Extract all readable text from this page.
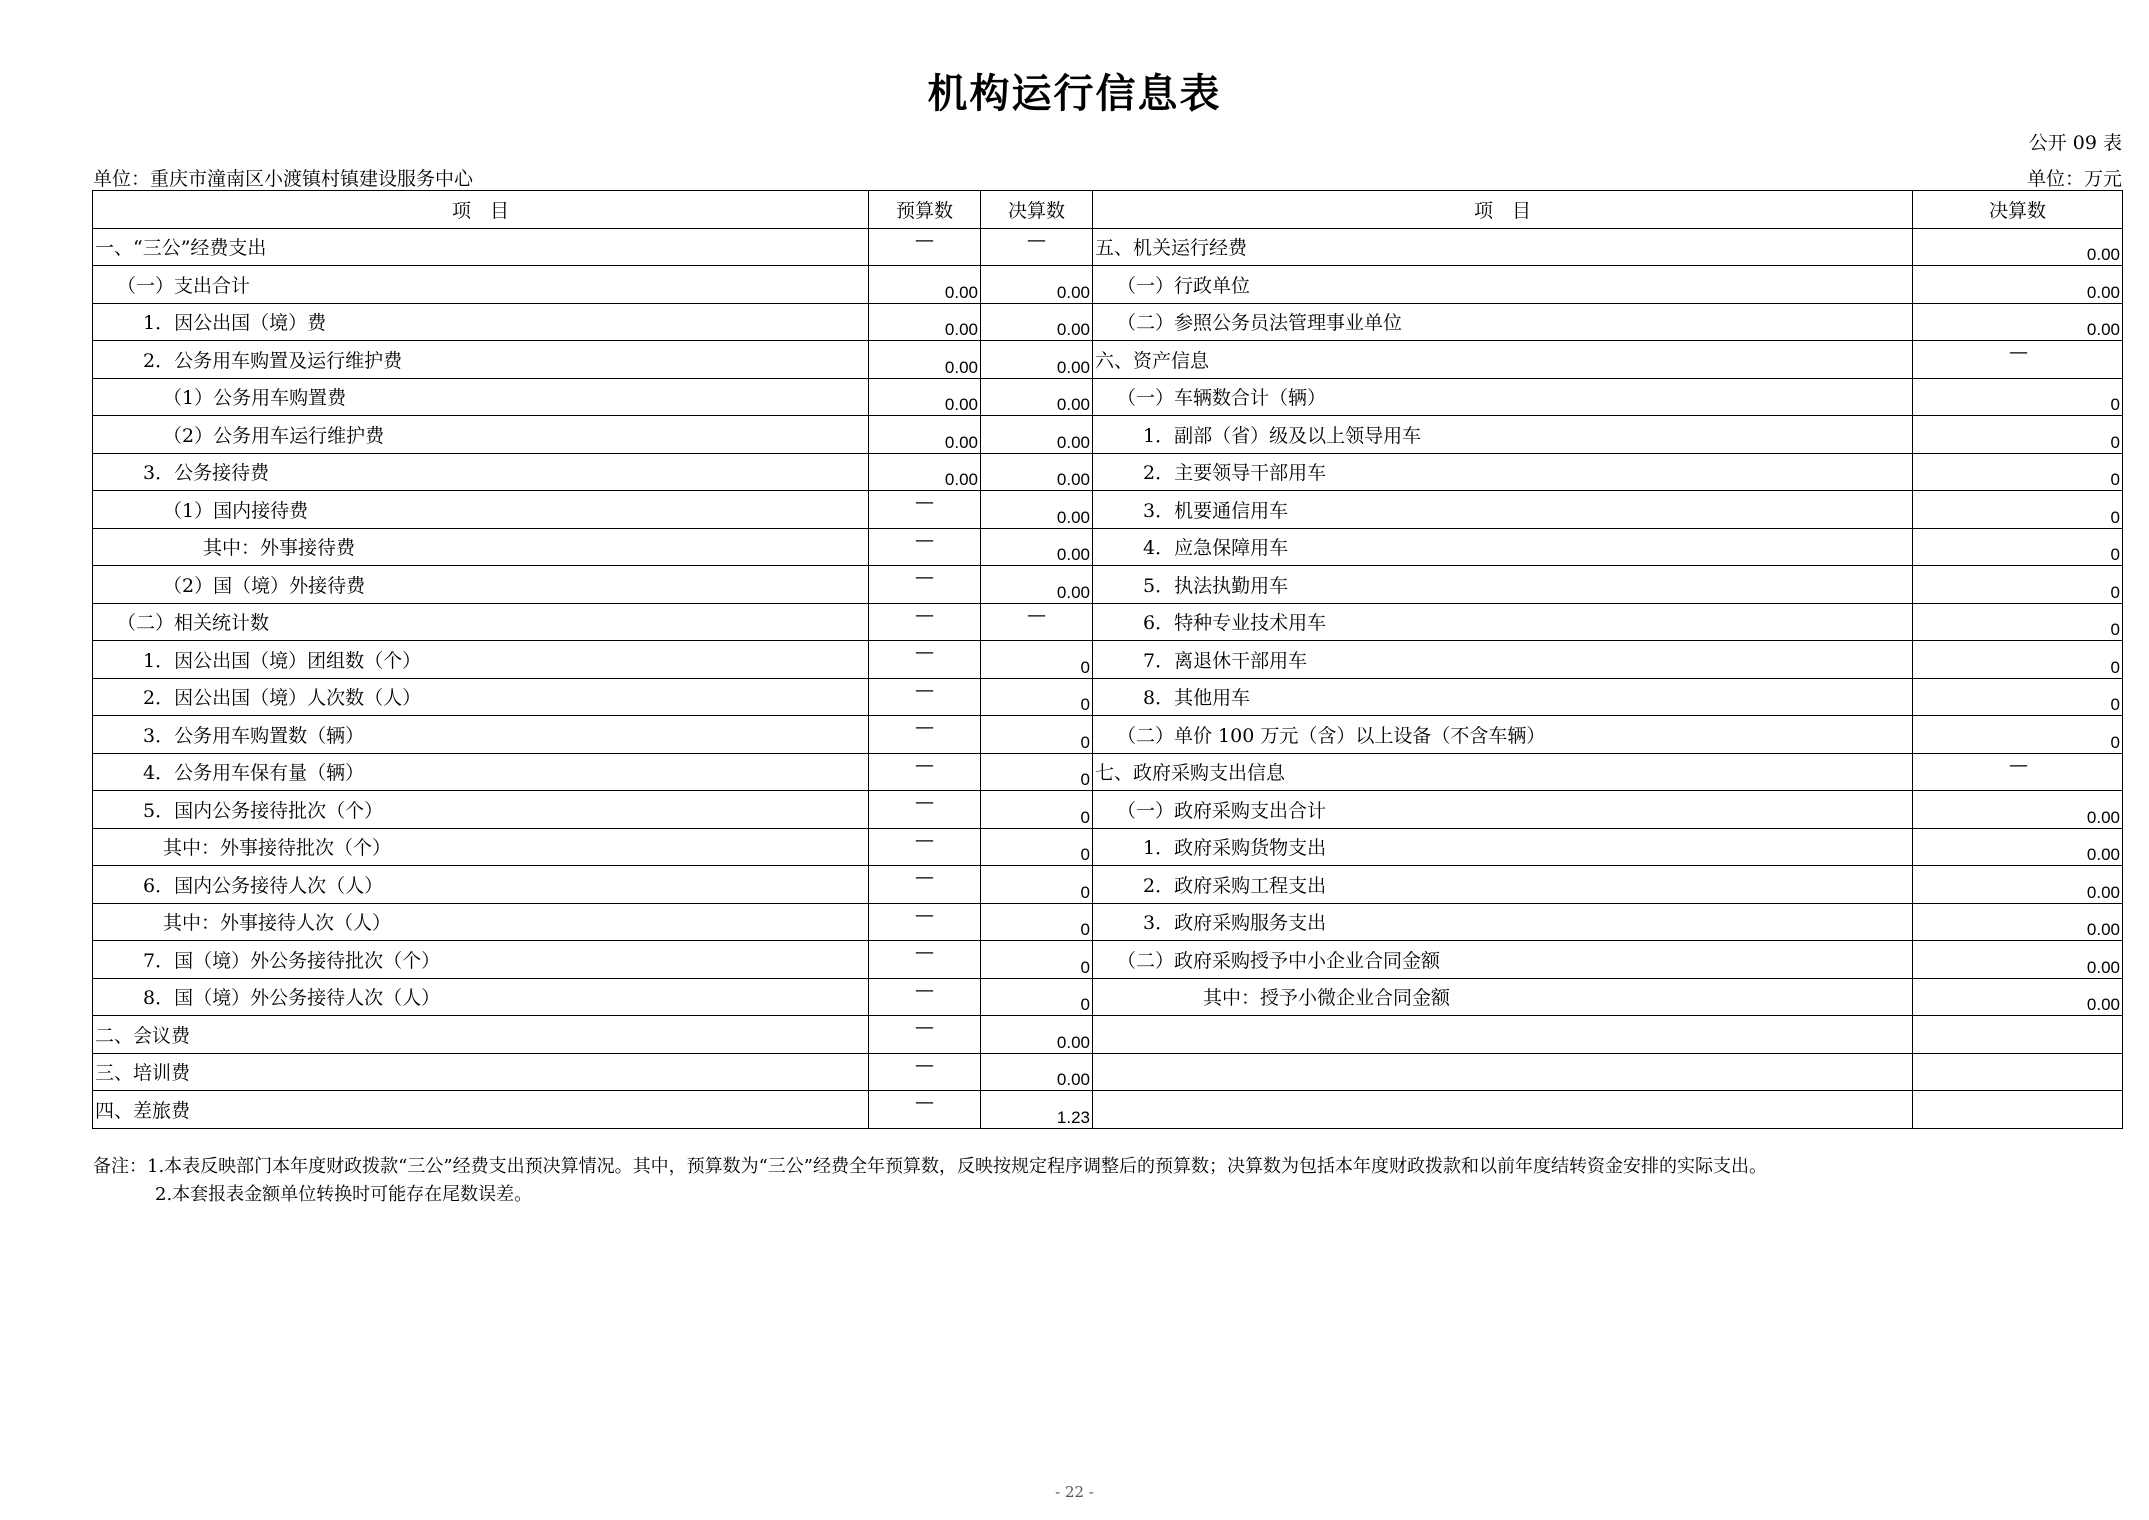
机构运行信息表
公开 09 表
单位：重庆市潼南区小渡镇村镇建设服务中心	单位：万元
项　目	预算数	决算数	项　目	决算数
一、“三公”经费支出	—	—	五、机关运行经费	0.00
（一）支出合计	0.00	0.00	（一）行政单位	0.00
1．因公出国（境）费	0.00	0.00	（二）参照公务员法管理事业单位	0.00
2．公务用车购置及运行维护费	0.00	0.00	六、资产信息	—
（1）公务用车购置费	0.00	0.00	（一）车辆数合计（辆）	0
（2）公务用车运行维护费	0.00	0.00	1．副部（省）级及以上领导用车	0
3．公务接待费	0.00	0.00	2．主要领导干部用车	0
（1）国内接待费	—	0.00	3．机要通信用车	0
其中：外事接待费	—	0.00	4．应急保障用车	0
（2）国（境）外接待费	—	0.00	5．执法执勤用车	0
（二）相关统计数	—	—	6．特种专业技术用车	0
1．因公出国（境）团组数（个）	—	0	7．离退休干部用车	0
2．因公出国（境）人次数（人）	—	0	8．其他用车	0
3．公务用车购置数（辆）	—	0	（二）单价 100 万元（含）以上设备（不含车辆）	0
4．公务用车保有量（辆）	—	0	七、政府采购支出信息	—
5．国内公务接待批次（个）	—	0	（一）政府采购支出合计	0.00
其中：外事接待批次（个）	—	0	1．政府采购货物支出	0.00
6．国内公务接待人次（人）	—	0	2．政府采购工程支出	0.00
其中：外事接待人次（人）	—	0	3．政府采购服务支出	0.00
7．国（境）外公务接待批次（个）	—	0	（二）政府采购授予中小企业合同金额	0.00
8．国（境）外公务接待人次（人）	—	0	其中：授予小微企业合同金额	0.00
二、会议费	—	0.00		
三、培训费	—	0.00		
四、差旅费	—	1.23		
备注：1.本表反映部门本年度财政拨款“三公”经费支出预决算情况。其中，预算数为“三公”经费全年预算数，反映按规定程序调整后的预算数；决算数为包括本年度财政拨款和以前年度结转资金安排的实际支出。
2.本套报表金额单位转换时可能存在尾数误差。
- 22 -
